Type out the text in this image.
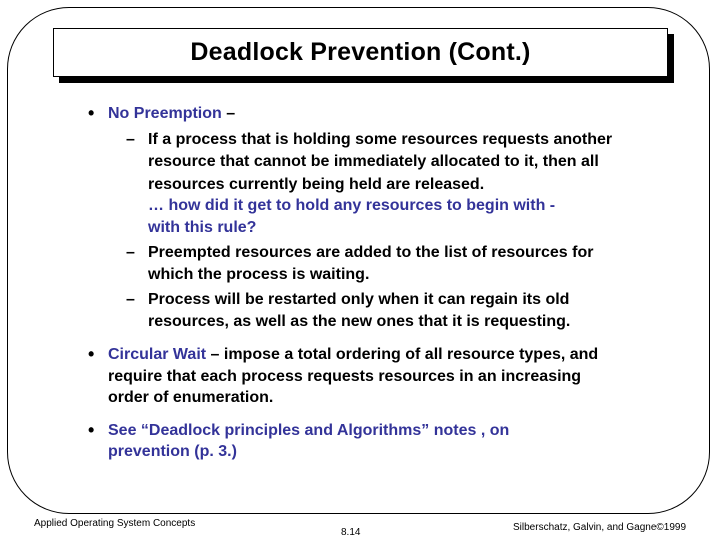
Deadlock Prevention (Cont.)
• No Preemption –
– If a process that is holding some resources requests another
resource that cannot be immediately allocated to it, then all
resources currently being held are released.
… how did it get to hold any resources to begin with -
with this rule?
– Preempted resources are added to the list of resources for
which the process is waiting.
– Process will be restarted only when it can regain its old
resources, as well as the new ones that it is requesting.
• Circular Wait – impose a total ordering of all resource types, and
require that each process requests resources in an increasing
order of enumeration.
• See “Deadlock principles and Algorithms” notes , on
prevention (p. 3.)
Applied Operating System Concepts
8.14	Silberschatz, Galvin, and Gagne©1999
